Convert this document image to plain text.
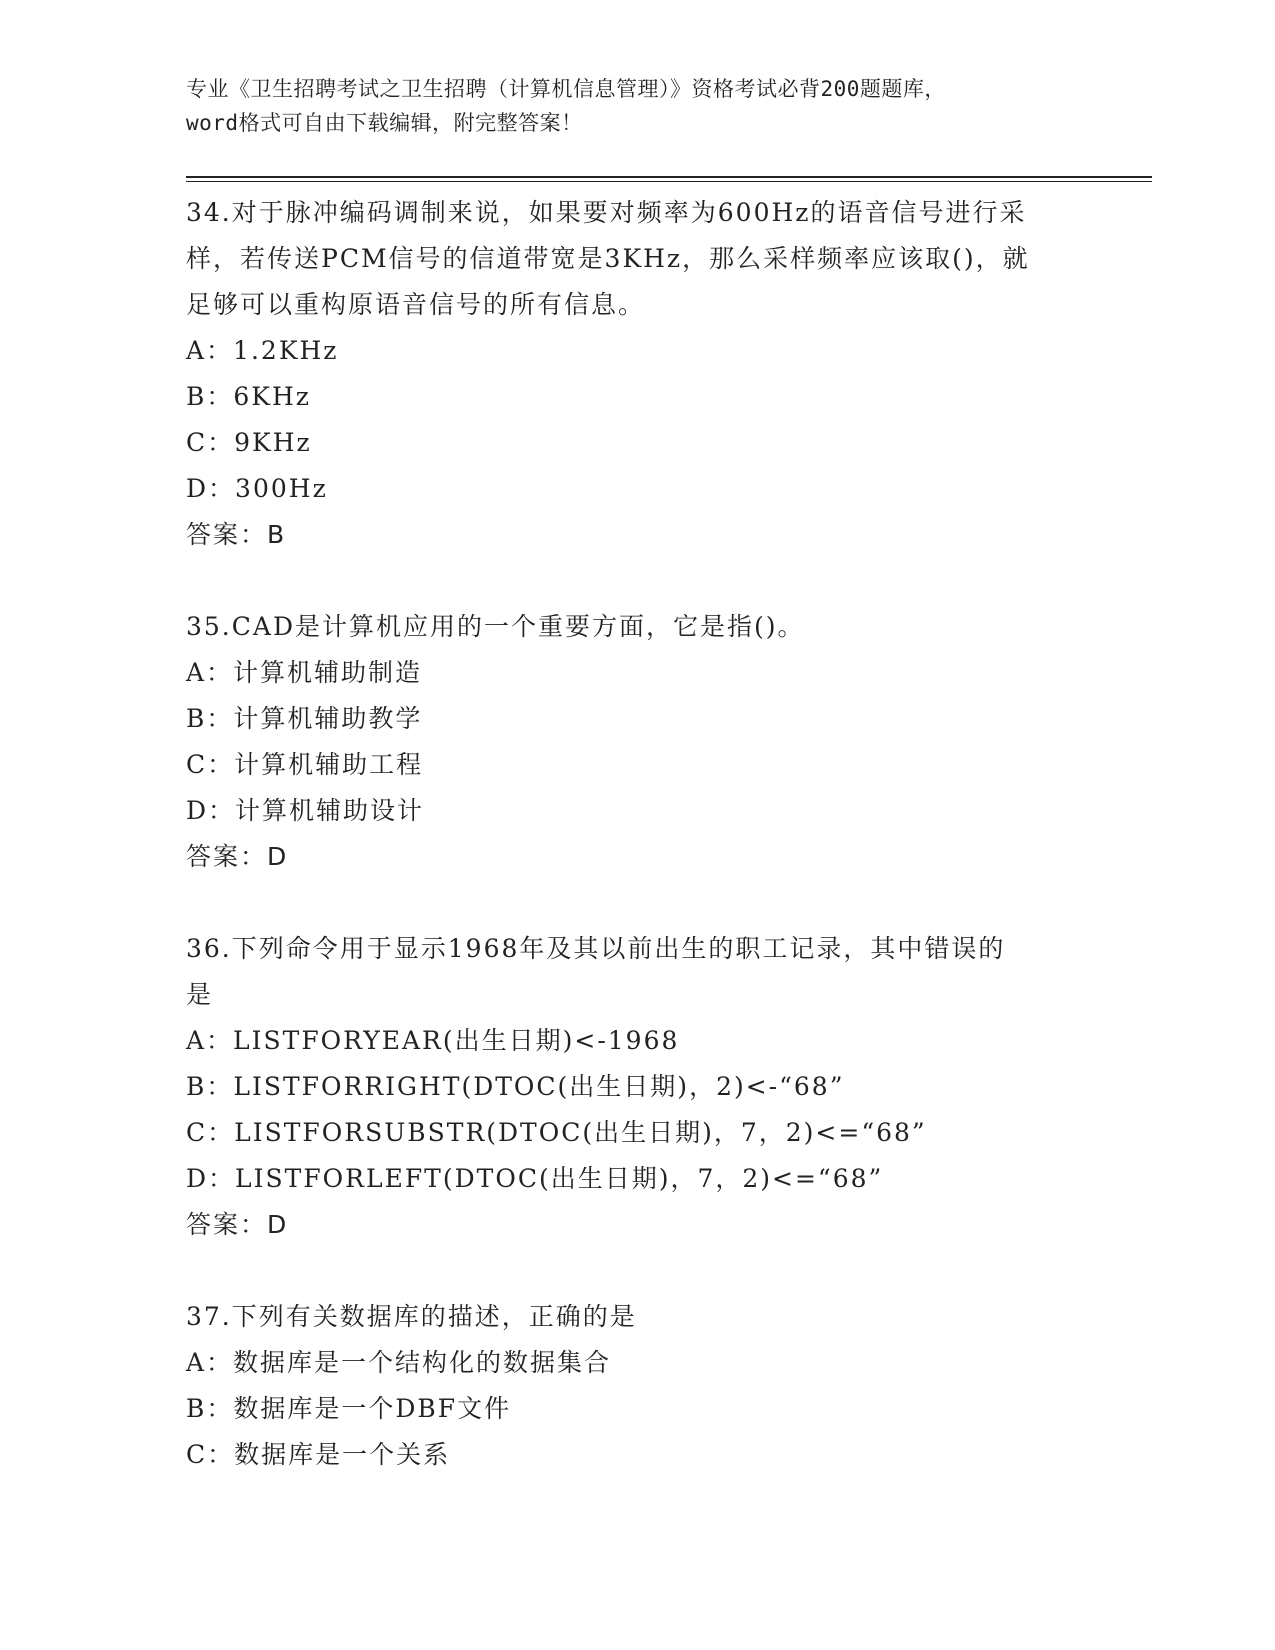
专业《卫生招聘考试之卫生招聘（计算机信息管理）》资格考试必背200题题库，
word格式可自由下载编辑，附完整答案！

34.对于脉冲编码调制来说，如果要对频率为600Hz的语音信号进行采

样，若传送PCM信号的信道带宽是3KHz，那么采样频率应该取()，就

足够可以重构原语音信号的所有信息。

A：1.2KHz

B：6KHz

C：9KHz

D：300Hz

答案：B

35.CAD是计算机应用的一个重要方面，它是指()。

A：计算机辅助制造

B：计算机辅助教学

C：计算机辅助工程

D：计算机辅助设计

答案：D

36.下列命令用于显示1968年及其以前出生的职工记录，其中错误的

是

A：LISTFORYEAR(出生日期)<-1968

B：LISTFORRIGHT(DTOC(出生日期)，2)<-“68”

C：LISTFORSUBSTR(DTOC(出生日期)，7，2)<=“68”

D：LISTFORLEFT(DTOC(出生日期)，7，2)<=“68”

答案：D

37.下列有关数据库的描述，正确的是

A：数据库是一个结构化的数据集合

B：数据库是一个DBF文件

C：数据库是一个关系
